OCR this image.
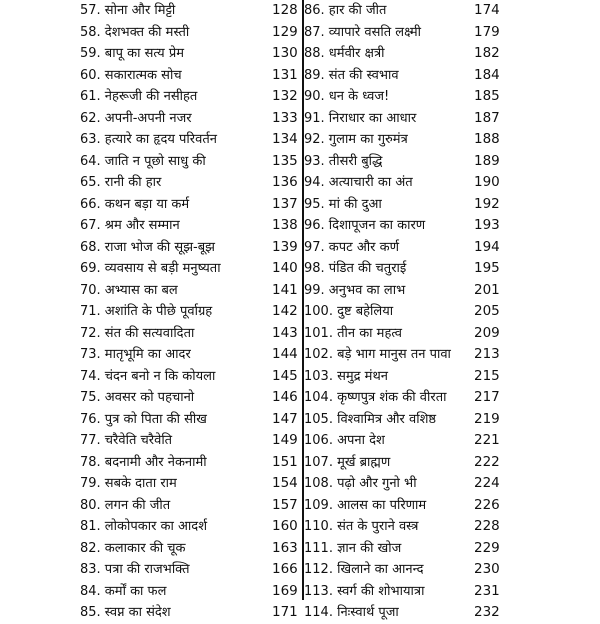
57. सोना और मिट्टी	128
58. देशभक्त की मस्ती	129
59. बापू का सत्य प्रेम	130
60. सकारात्मक सोच	131
61. नेहरूजी की नसीहत	132
62. अपनी-अपनी नजर	133
63. हत्यारे का हृदय परिवर्तन	134
64. जाति न पूछो साधु की	135
65. रानी की हार	136
66. कथन बड़ा या कर्म	137
67. श्रम और सम्मान	138
68. राजा भोज की सूझ-बूझ	139
69. व्यवसाय से बड़ी मनुष्यता	140
70. अभ्यास का बल	141
71. अशांति के पीछे पूर्वाग्रह	142
72. संत की सत्यवादिता	143
73. मातृभूमि का आदर	144
74. चंदन बनो न कि कोयला	145
75. अवसर को पहचानो	146
76. पुत्र को पिता की सीख	147
77. चरैवेति चरैवेति	149
78. बदनामी और नेकनामी	151
79. सबके दाता राम	154
80. लगन की जीत	157
81. लोकोपकार का आदर्श	160
82. कलाकार की चूक	163
83. पत्रा की राजभक्ति	166
84. कर्मों का फल	169
85. स्वप्न का संदेश	171
86. हार की जीत	174
87. व्यापारे वसति लक्ष्मी	179
88. धर्मवीर क्षत्री	182
89. संत की स्वभाव	184
90. धन के ध्वज!	185
91. निराधार का आधार	187
92. गुलाम का गुरुमंत्र	188
93. तीसरी बुद्धि	189
94. अत्याचारी का अंत	190
95. मां की दुआ	192
96. दिशापूजन का कारण	193
97. कपट और कर्ण	194
98. पंडित की चतुराई	195
99. अनुभव का लाभ	201
100. दुष्ट बहेलिया	205
101. तीन का महत्व	209
102. बड़े भाग मानुस तन पावा 213
103. समुद्र मंथन	215
104. कृष्णपुत्र शंक की वीरता 217
105. विश्वामित्र और वशिष्ठ	219
106. अपना देश	221
107. मूर्ख ब्राह्मण	222
108. पढ़ो और गुनो भी	224
109. आलस का परिणाम	226
110. संत के पुराने वस्त्र	228
111. ज्ञान की खोज	229
112. खिलाने का आनन्द	230
113. स्वर्ग की शोभायात्रा	231
114. निःस्वार्थ पूजा	232
